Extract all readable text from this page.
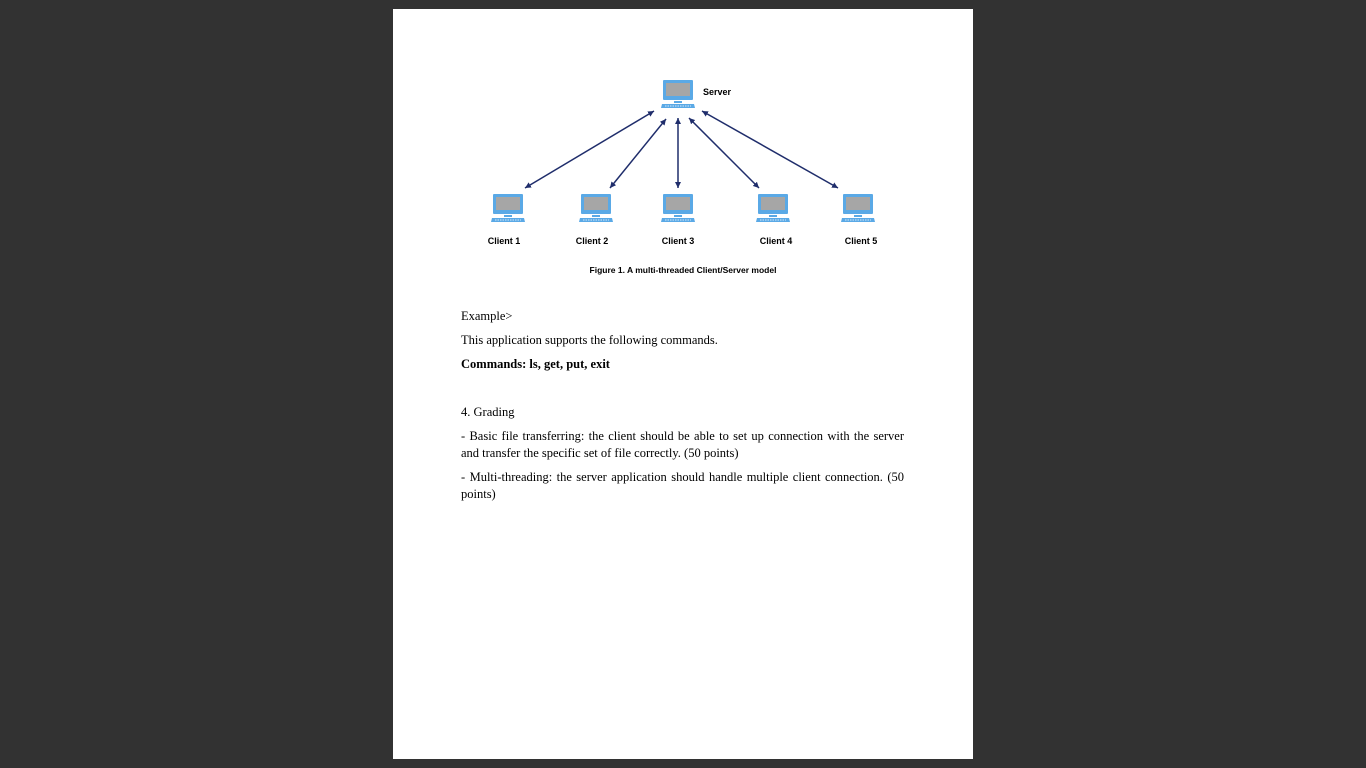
Server
Client 1	Client 2	Client 3	Client 4	Client 5
Figure 1. A multi-threaded Client/Server model
Example>
This application supports the following commands.
Commands: ls, get, put, exit
4. Grading
- Basic file transferring: the client should be able to set up connection with the server and transfer the specific set of file correctly. (50 points)
- Multi-threading: the server application should handle multiple client connection. (50 points)
